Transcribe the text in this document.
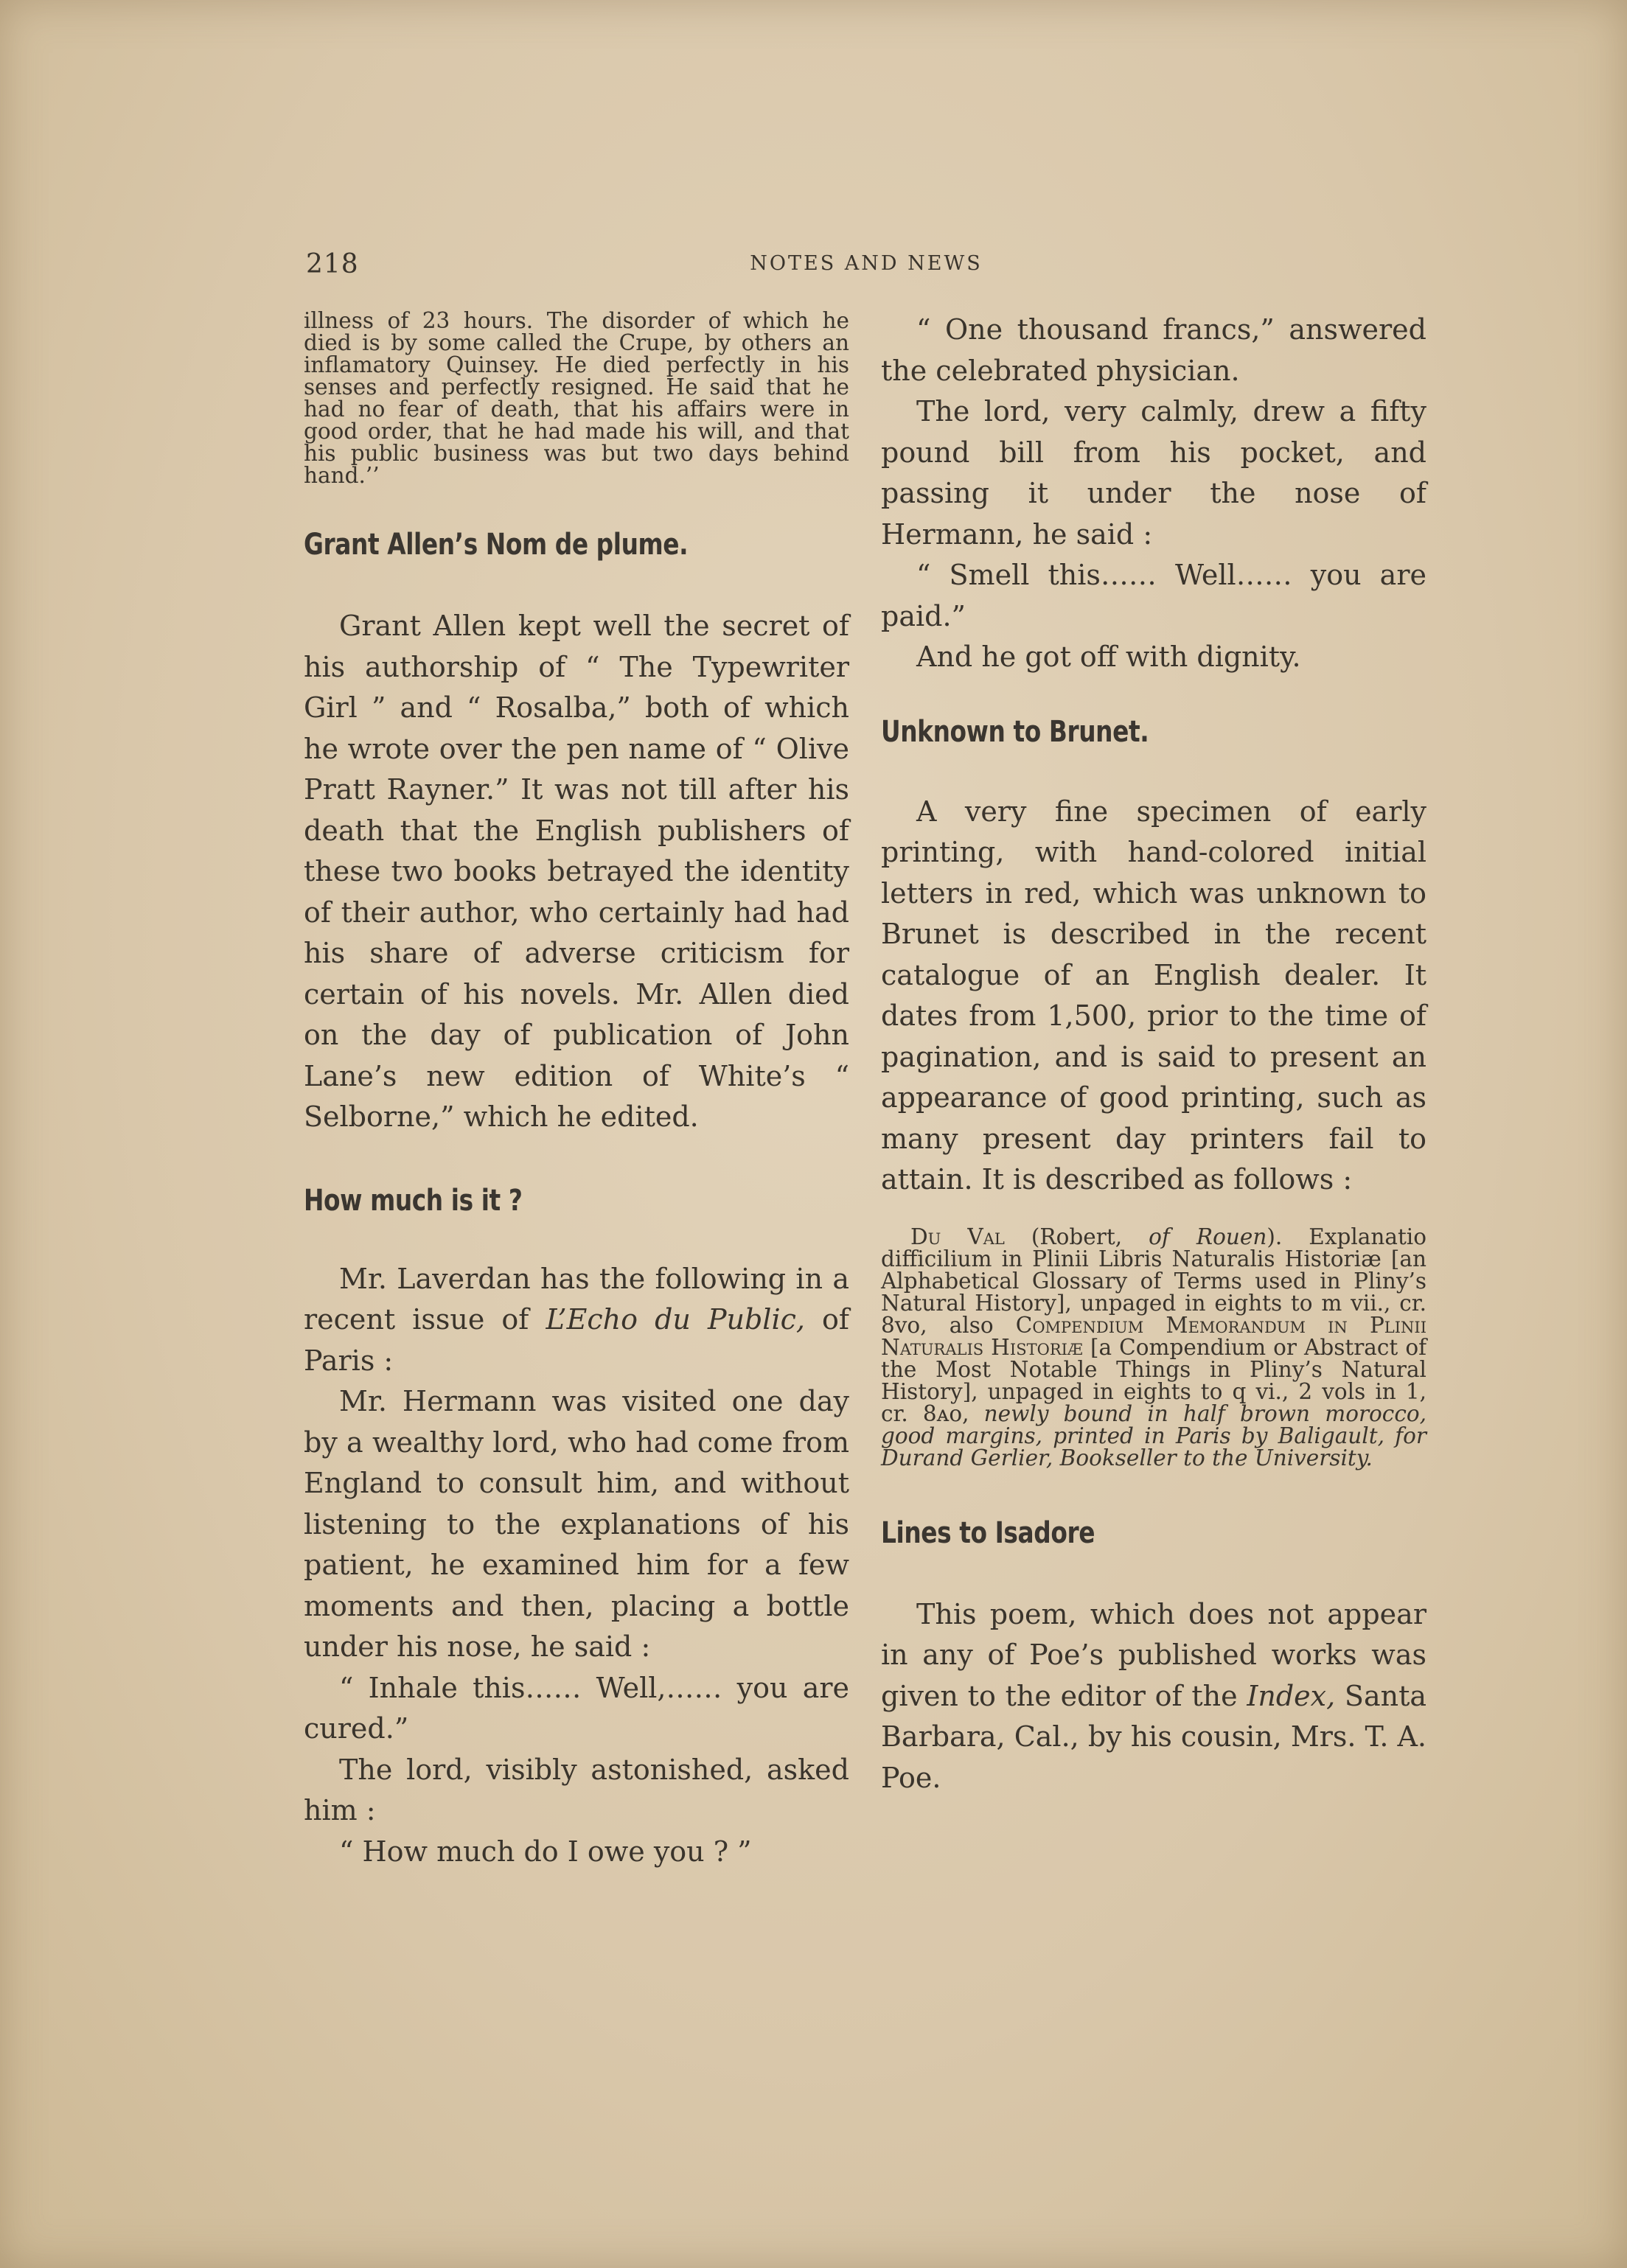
218	NOTES AND NEWS

illness of 23 hours. The disorder of which he died is by some called the Crupe, by others an inflamatory Quinsey. He died perfectly in his senses and perfectly resigned. He said that he had no fear of death, that his affairs were in good order, that he had made his will, and that his public business was but two days behind hand.’’

Grant Allen’s Nom de plume.

Grant Allen kept well the secret of his authorship of “ The Typewriter Girl ” and “ Rosalba,” both of which he wrote over the pen name of “ Olive Pratt Rayner.” It was not till after his death that the English publishers of these two books betrayed the identity of their author, who certainly had had his share of adverse criticism for certain of his novels. Mr. Allen died on the day of publication of John Lane’s new edition of White’s “ Selborne,” which he edited.

How much is it ?

Mr. Laverdan has the following in a recent issue of L’Echo du Public, of Paris :

Mr. Hermann was visited one day by a wealthy lord, who had come from England to consult him, and without listening to the explanations of his patient, he examined him for a few moments and then, placing a bottle under his nose, he said :

“ Inhale this…… Well,…… you are cured.”

The lord, visibly astonished, asked him :

“ How much do I owe you ? ”

“ One thousand francs,” answered the celebrated physician.

The lord, very calmly, drew a fifty pound bill from his pocket, and passing it under the nose of Hermann, he said :

“ Smell this…… Well…… you are paid.”

And he got off with dignity.

Unknown to Brunet.

A very fine specimen of early printing, with hand-colored initial letters in red, which was unknown to Brunet is described in the recent catalogue of an English dealer. It dates from 1,500, prior to the time of pagination, and is said to present an appearance of good printing, such as many present day printers fail to attain. It is described as follows :

Du Val (Robert, of Rouen). Explanatio difficilium in Plinii Libris Naturalis Historiæ [an Alphabetical Glossary of Terms used in Pliny’s Natural History], unpaged in eights to m vii., cr. 8vo, also Compendium Memorandum in Plinii Naturalis Historiæ [a Compendium or Abstract of the Most Notable Things in Pliny’s Natural History], unpaged in eights to q vi., 2 vols in 1, cr. 8ᴀᴏ, newly bound in half brown morocco, good margins, printed in Paris by Baligault, for Durand Gerlier, Bookseller to the University.

Lines to Isadore

This poem, which does not appear in any of Poe’s published works was given to the editor of the Index, Santa Barbara, Cal., by his cousin, Mrs. T. A. Poe.
